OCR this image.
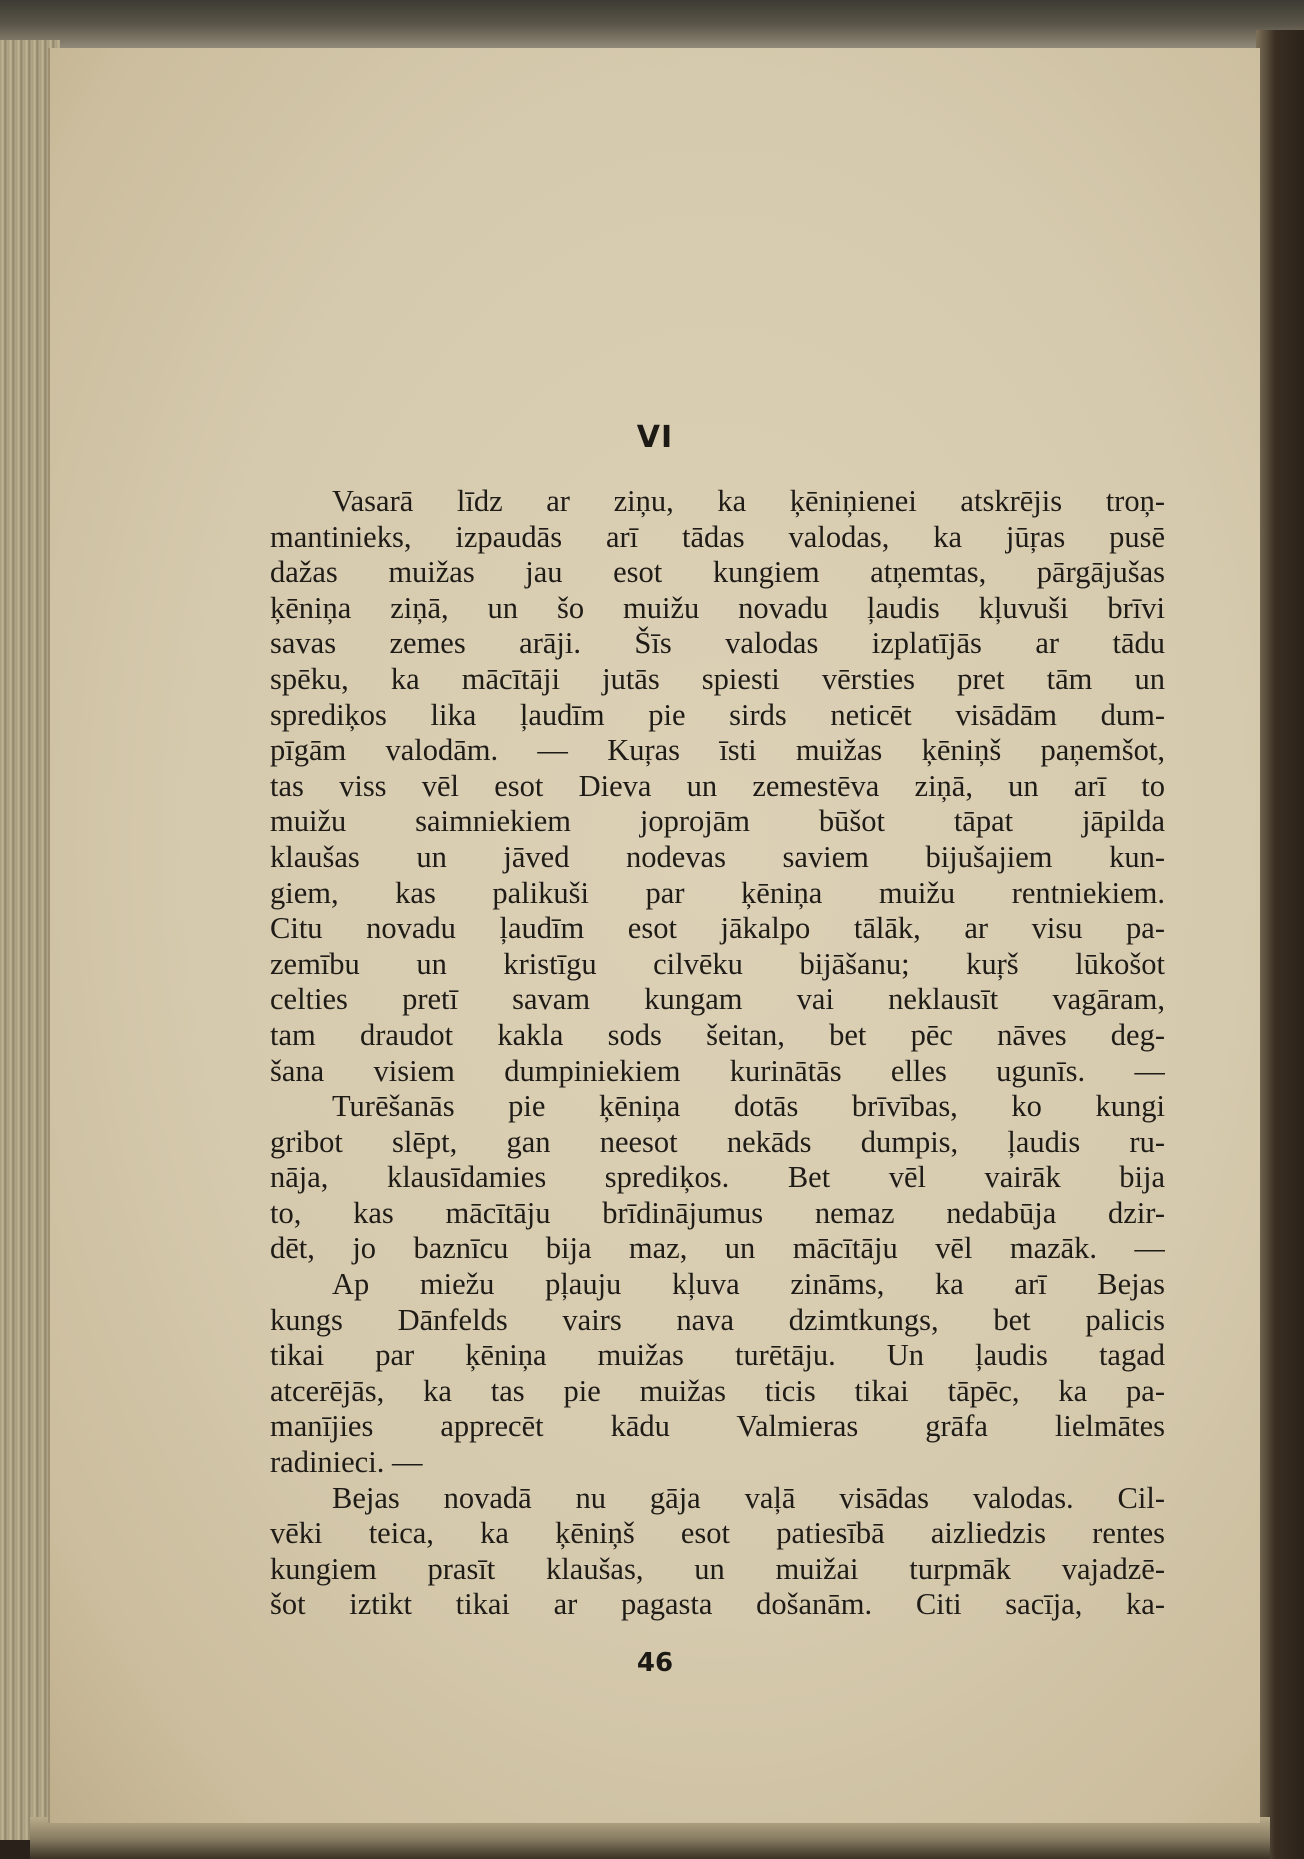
VI
Vasarā līdz ar ziņu, ka ķēniņienei atskrējis troņ-
mantinieks, izpaudās arī tādas valodas, ka jūŗas pusē
dažas muižas jau esot kungiem atņemtas, pārgājušas
ķēniņa ziņā, un šo muižu novadu ļaudis kļuvuši brīvi
savas zemes arāji. Šīs valodas izplatījās ar tādu
spēku, ka mācītāji jutās spiesti vērsties pret tām un
sprediķos lika ļaudīm pie sirds neticēt visādām dum-
pīgām valodām. — Kuŗas īsti muižas ķēniņš paņemšot,
tas viss vēl esot Dieva un zemestēva ziņā, un arī to
muižu saimniekiem joprojām būšot tāpat jāpilda
klaušas un jāved nodevas saviem bijušajiem kun-
giem, kas palikuši par ķēniņa muižu rentniekiem.
Citu novadu ļaudīm esot jākalpo tālāk, ar visu pa-
zemību un kristīgu cilvēku bijāšanu; kuŗš lūkošot
celties pretī savam kungam vai neklausīt vagāram,
tam draudot kakla sods šeitan, bet pēc nāves deg-
šana visiem dumpiniekiem kurinātās elles ugunīs. —
Turēšanās pie ķēniņa dotās brīvības, ko kungi
gribot slēpt, gan neesot nekāds dumpis, ļaudis ru-
nāja, klausīdamies sprediķos. Bet vēl vairāk bija
to, kas mācītāju brīdinājumus nemaz nedabūja dzir-
dēt, jo baznīcu bija maz, un mācītāju vēl mazāk. —
Ap miežu pļauju kļuva zināms, ka arī Bejas
kungs Dānfelds vairs nava dzimtkungs, bet palicis
tikai par ķēniņa muižas turētāju. Un ļaudis tagad
atcerējās, ka tas pie muižas ticis tikai tāpēc, ka pa-
manījies apprecēt kādu Valmieras grāfa lielmātes
radinieci. —
Bejas novadā nu gāja vaļā visādas valodas. Cil-
vēki teica, ka ķēniņš esot patiesībā aizliedzis rentes
kungiem prasīt klaušas, un muižai turpmāk vajadzē-
šot iztikt tikai ar pagasta došanām. Citi sacīja, ka-
46
